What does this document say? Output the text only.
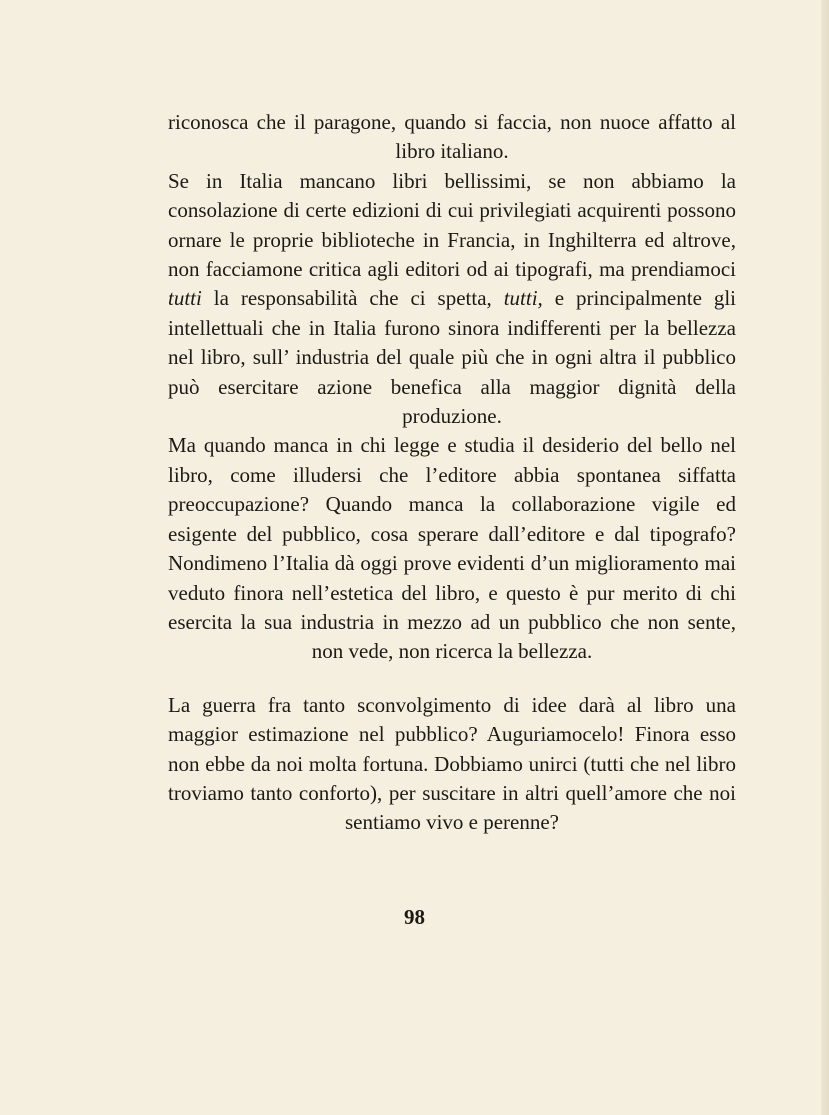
riconosca che il paragone, quando si faccia, non nuoce affatto al libro italiano.

Se in Italia mancano libri bellissimi, se non abbiamo la consolazione di certe edizioni di cui privilegiati acquirenti possono ornare le proprie biblioteche in Francia, in Inghilterra ed altrove, non facciamone critica agli editori od ai tipografi, ma prendiamoci tutti la responsabilità che ci spetta, tutti, e principalmente gli intellettuali che in Italia furono sinora indifferenti per la bellezza nel libro, sull’ industria del quale più che in ogni altra il pubblico può esercitare azione benefica alla maggior dignità della produzione.

Ma quando manca in chi legge e studia il desiderio del bello nel libro, come illudersi che l’editore abbia spontanea siffatta preoccupazione? Quando manca la collaborazione vigile ed esigente del pubblico, cosa sperare dall’editore e dal tipografo? Nondimeno l’Italia dà oggi prove evidenti d’un miglioramento mai veduto finora nell’estetica del libro, e questo è pur merito di chi esercita la sua industria in mezzo ad un pubblico che non sente, non vede, non ricerca la bellezza.

La guerra fra tanto sconvolgimento di idee darà al libro una maggior estimazione nel pubblico? Auguriamocelo! Finora esso non ebbe da noi molta fortuna. Dobbiamo unirci (tutti che nel libro troviamo tanto conforto), per suscitare in altri quell’amore che noi sentiamo vivo e perenne?

98
